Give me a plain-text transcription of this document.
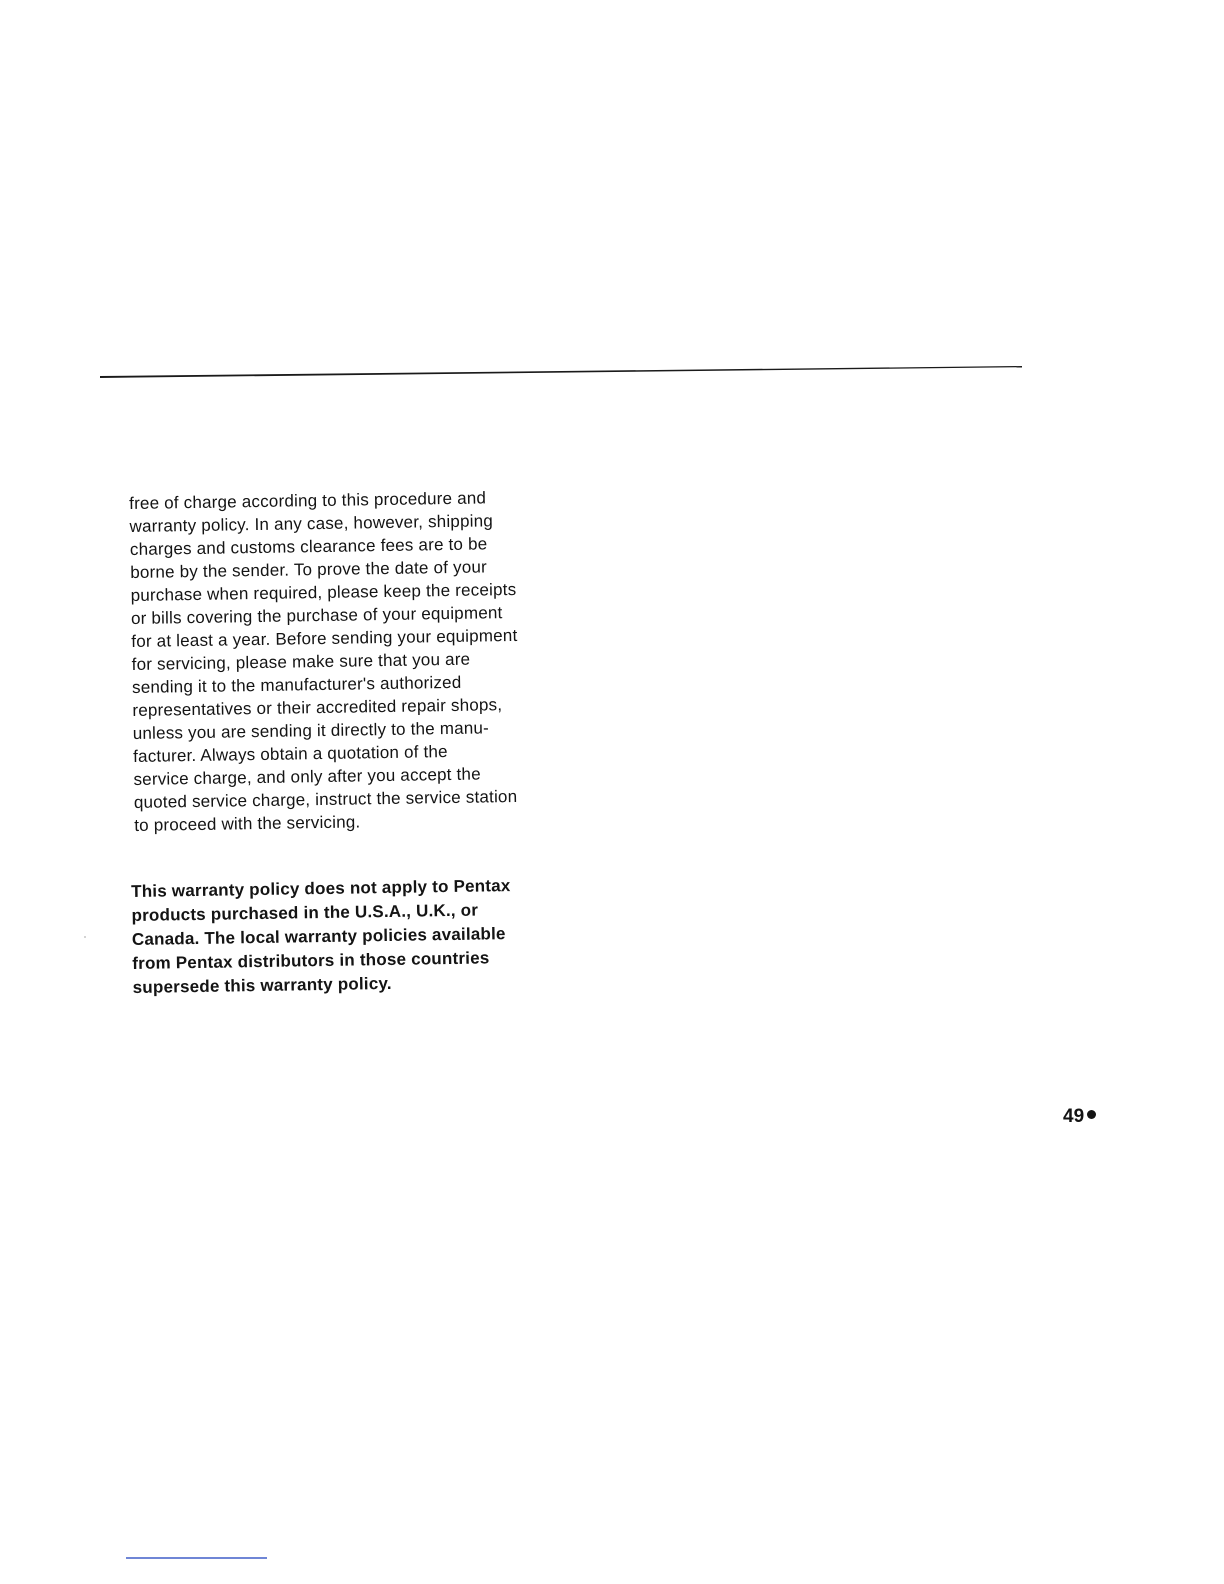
free of charge according to this procedure and
warranty policy. In any case, however, shipping
charges and customs clearance fees are to be
borne by the sender. To prove the date of your
purchase when required, please keep the receipts
or bills covering the purchase of your equipment
for at least a year. Before sending your equipment
for servicing, please make sure that you are
sending it to the manufacturer's authorized
representatives or their accredited repair shops,
unless you are sending it directly to the manu-
facturer. Always obtain a quotation of the
service charge, and only after you accept the
quoted service charge, instruct the service station
to proceed with the servicing.

This warranty policy does not apply to Pentax
products purchased in the U.S.A., U.K., or
Canada. The local warranty policies available
from Pentax distributors in those countries
supersede this warranty policy.

49
